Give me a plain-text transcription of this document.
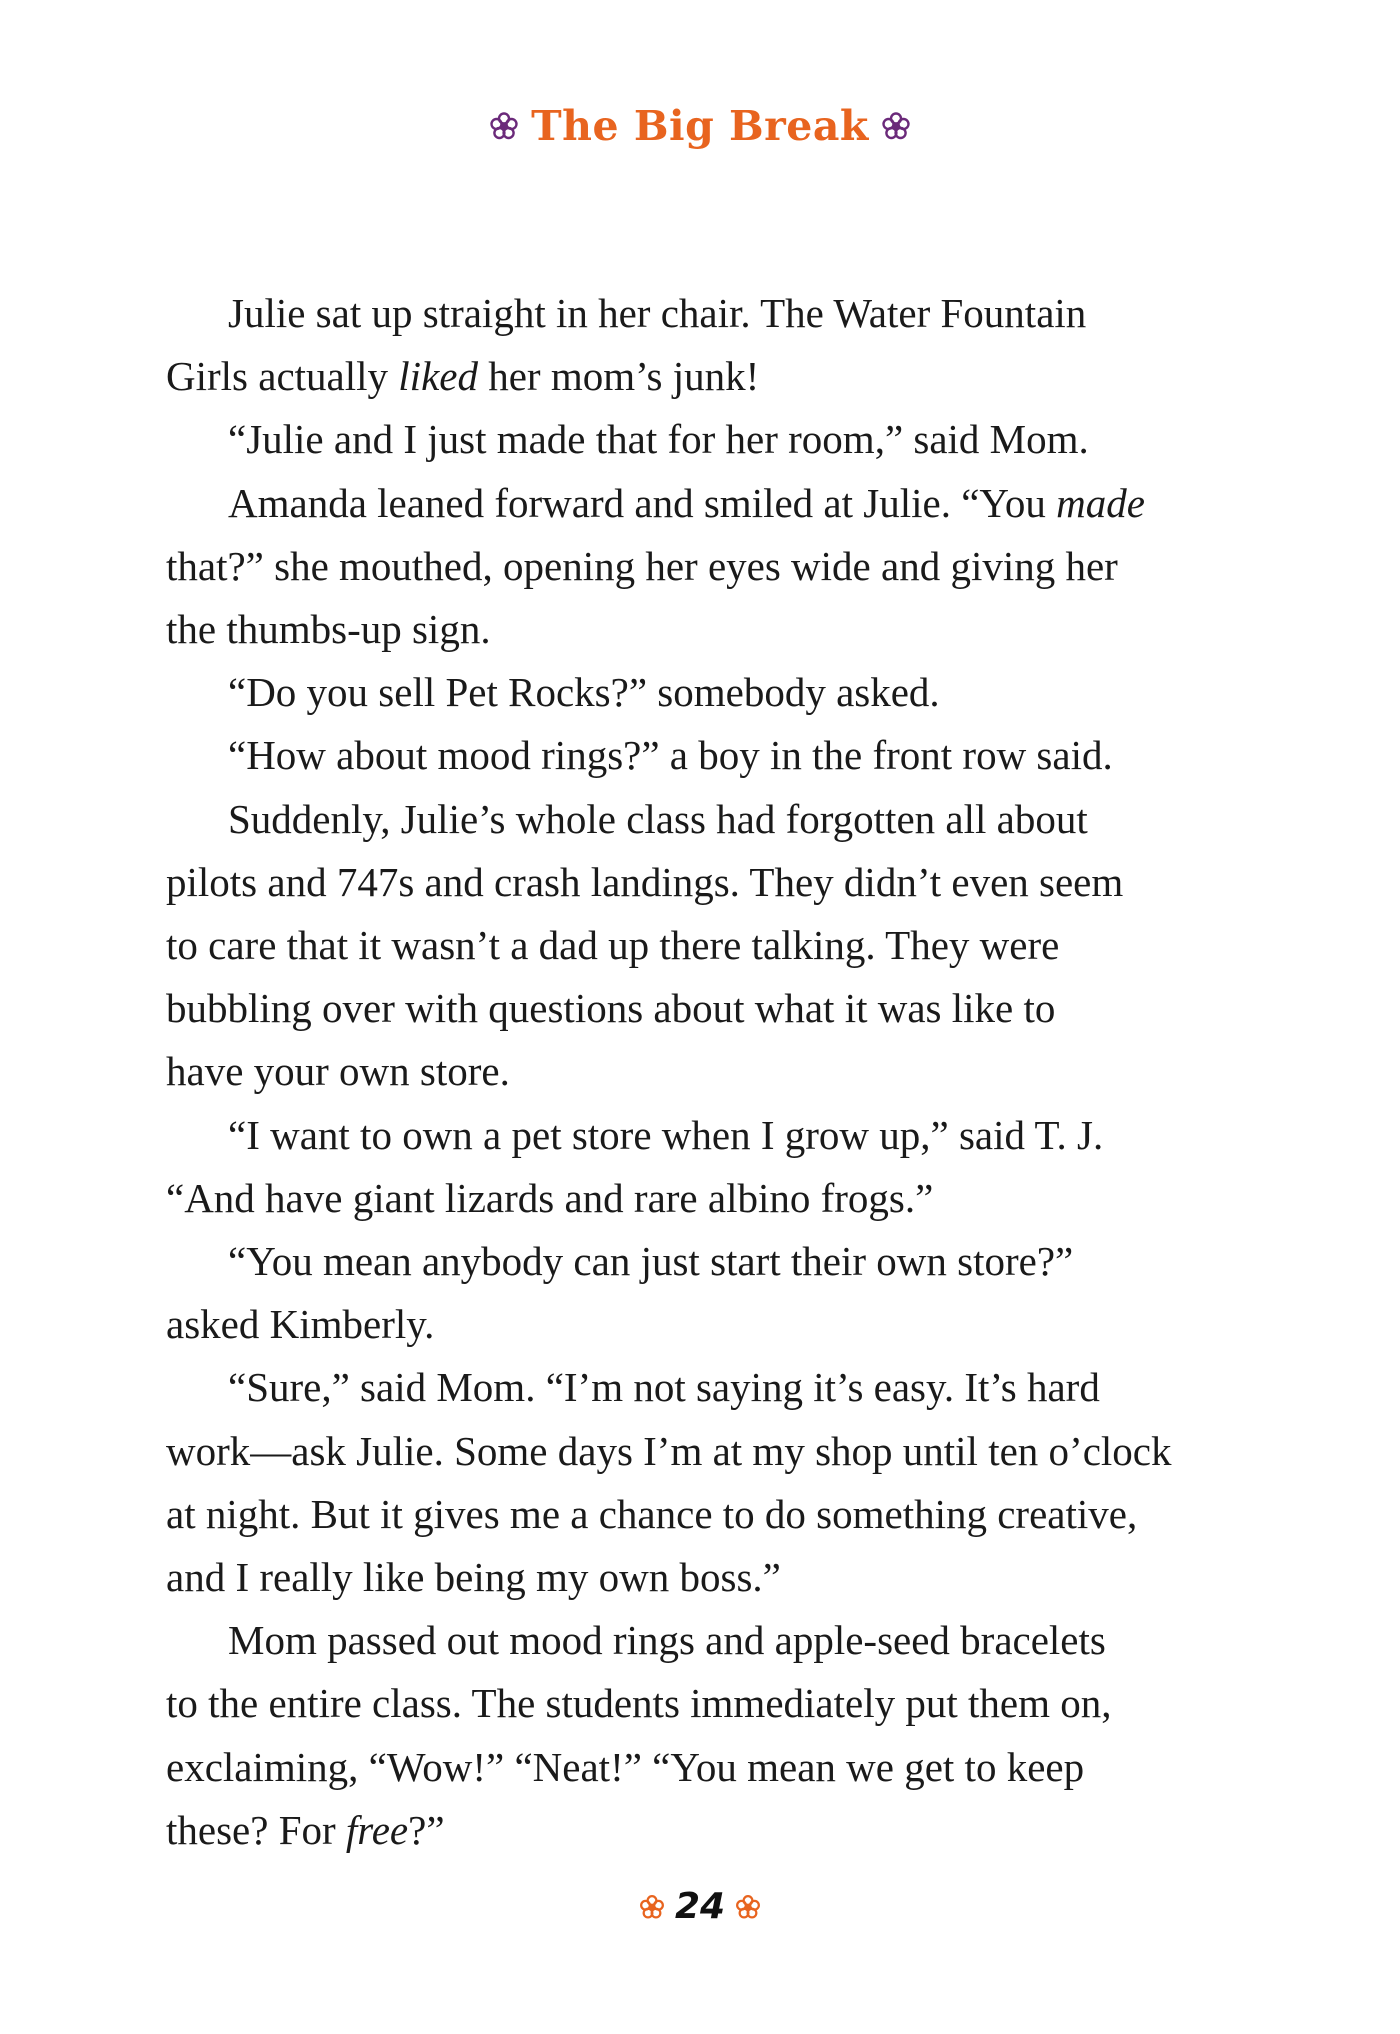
The Big Break
Julie sat up straight in her chair. The Water Fountain
Girls actually liked her mom’s junk!
“Julie and I just made that for her room,” said Mom.
Amanda leaned forward and smiled at Julie. “You made
that?” she mouthed, opening her eyes wide and giving her
the thumbs-up sign.
“Do you sell Pet Rocks?” somebody asked.
“How about mood rings?” a boy in the front row said.
Suddenly, Julie’s whole class had forgotten all about
pilots and 747s and crash landings. They didn’t even seem
to care that it wasn’t a dad up there talking. They were
bubbling over with questions about what it was like to
have your own store.
“I want to own a pet store when I grow up,” said T. J.
“And have giant lizards and rare albino frogs.”
“You mean anybody can just start their own store?”
asked Kimberly.
“Sure,” said Mom. “I’m not saying it’s easy. It’s hard
work—ask Julie. Some days I’m at my shop until ten o’clock
at night. But it gives me a chance to do something creative,
and I really like being my own boss.”
Mom passed out mood rings and apple-seed bracelets
to the entire class. The students immediately put them on,
exclaiming, “Wow!” “Neat!” “You mean we get to keep
these? For free?”
24
